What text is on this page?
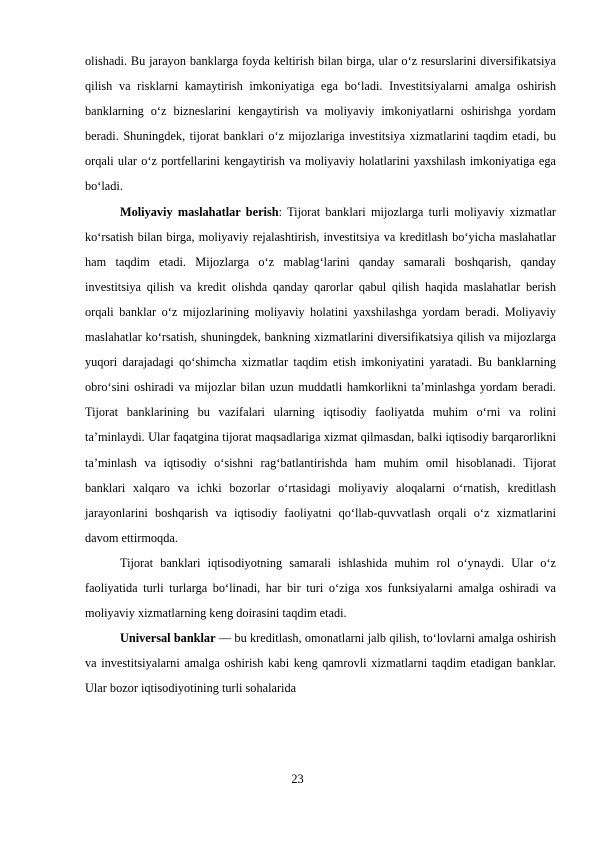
olishadi. Bu jarayon banklarga foyda keltirish bilan birga, ular o‘z resurslarini diversifikatsiya qilish va risklarni kamaytirish imkoniyatiga ega bo‘ladi. Investitsiyalarni amalga oshirish banklarning o‘z bizneslarini kengaytirish va moliyaviy imkoniyatlarni oshirishga yordam beradi. Shuningdek, tijorat banklari o‘z mijozlariga investitsiya xizmatlarini taqdim etadi, bu orqali ular o‘z portfellarini kengaytirish va moliyaviy holatlarini yaxshilash imkoniyatiga ega bo‘ladi.

Moliyaviy maslahatlar berish: Tijorat banklari mijozlarga turli moliyaviy xizmatlar ko‘rsatish bilan birga, moliyaviy rejalashtirish, investitsiya va kreditlash bo‘yicha maslahatlar ham taqdim etadi. Mijozlarga o‘z mablag‘larini qanday samarali boshqarish, qanday investitsiya qilish va kredit olishda qanday qarorlar qabul qilish haqida maslahatlar berish orqali banklar o‘z mijozlarining moliyaviy holatini yaxshilashga yordam beradi. Moliyaviy maslahatlar ko‘rsatish, shuningdek, bankning xizmatlarini diversifikatsiya qilish va mijozlarga yuqori darajadagi qo‘shimcha xizmatlar taqdim etish imkoniyatini yaratadi. Bu banklarning obro‘sini oshiradi va mijozlar bilan uzun muddatli hamkorlikni ta’minlashga yordam beradi. Tijorat banklarining bu vazifalari ularning iqtisodiy faoliyatda muhim o‘rni va rolini ta’minlaydi. Ular faqatgina tijorat maqsadlariga xizmat qilmasdan, balki iqtisodiy barqarorlikni ta’minlash va iqtisodiy o‘sishni rag‘batlantirishda ham muhim omil hisoblanadi. Tijorat banklari xalqaro va ichki bozorlar o‘rtasidagi moliyaviy aloqalarni o‘rnatish, kreditlash jarayonlarini boshqarish va iqtisodiy faoliyatni qo‘llab-quvvatlash orqali o‘z xizmatlarini davom ettirmoqda.

Tijorat banklari iqtisodiyotning samarali ishlashida muhim rol o‘ynaydi. Ular o‘z faoliyatida turli turlarga bo‘linadi, har bir turi o‘ziga xos funksiyalarni amalga oshiradi va moliyaviy xizmatlarning keng doirasini taqdim etadi.

Universal banklar — bu kreditlash, omonatlarni jalb qilish, to‘lovlarni amalga oshirish va investitsiyalarni amalga oshirish kabi keng qamrovli xizmatlarni taqdim etadigan banklar. Ular bozor iqtisodiyotining turli sohalarida

23
